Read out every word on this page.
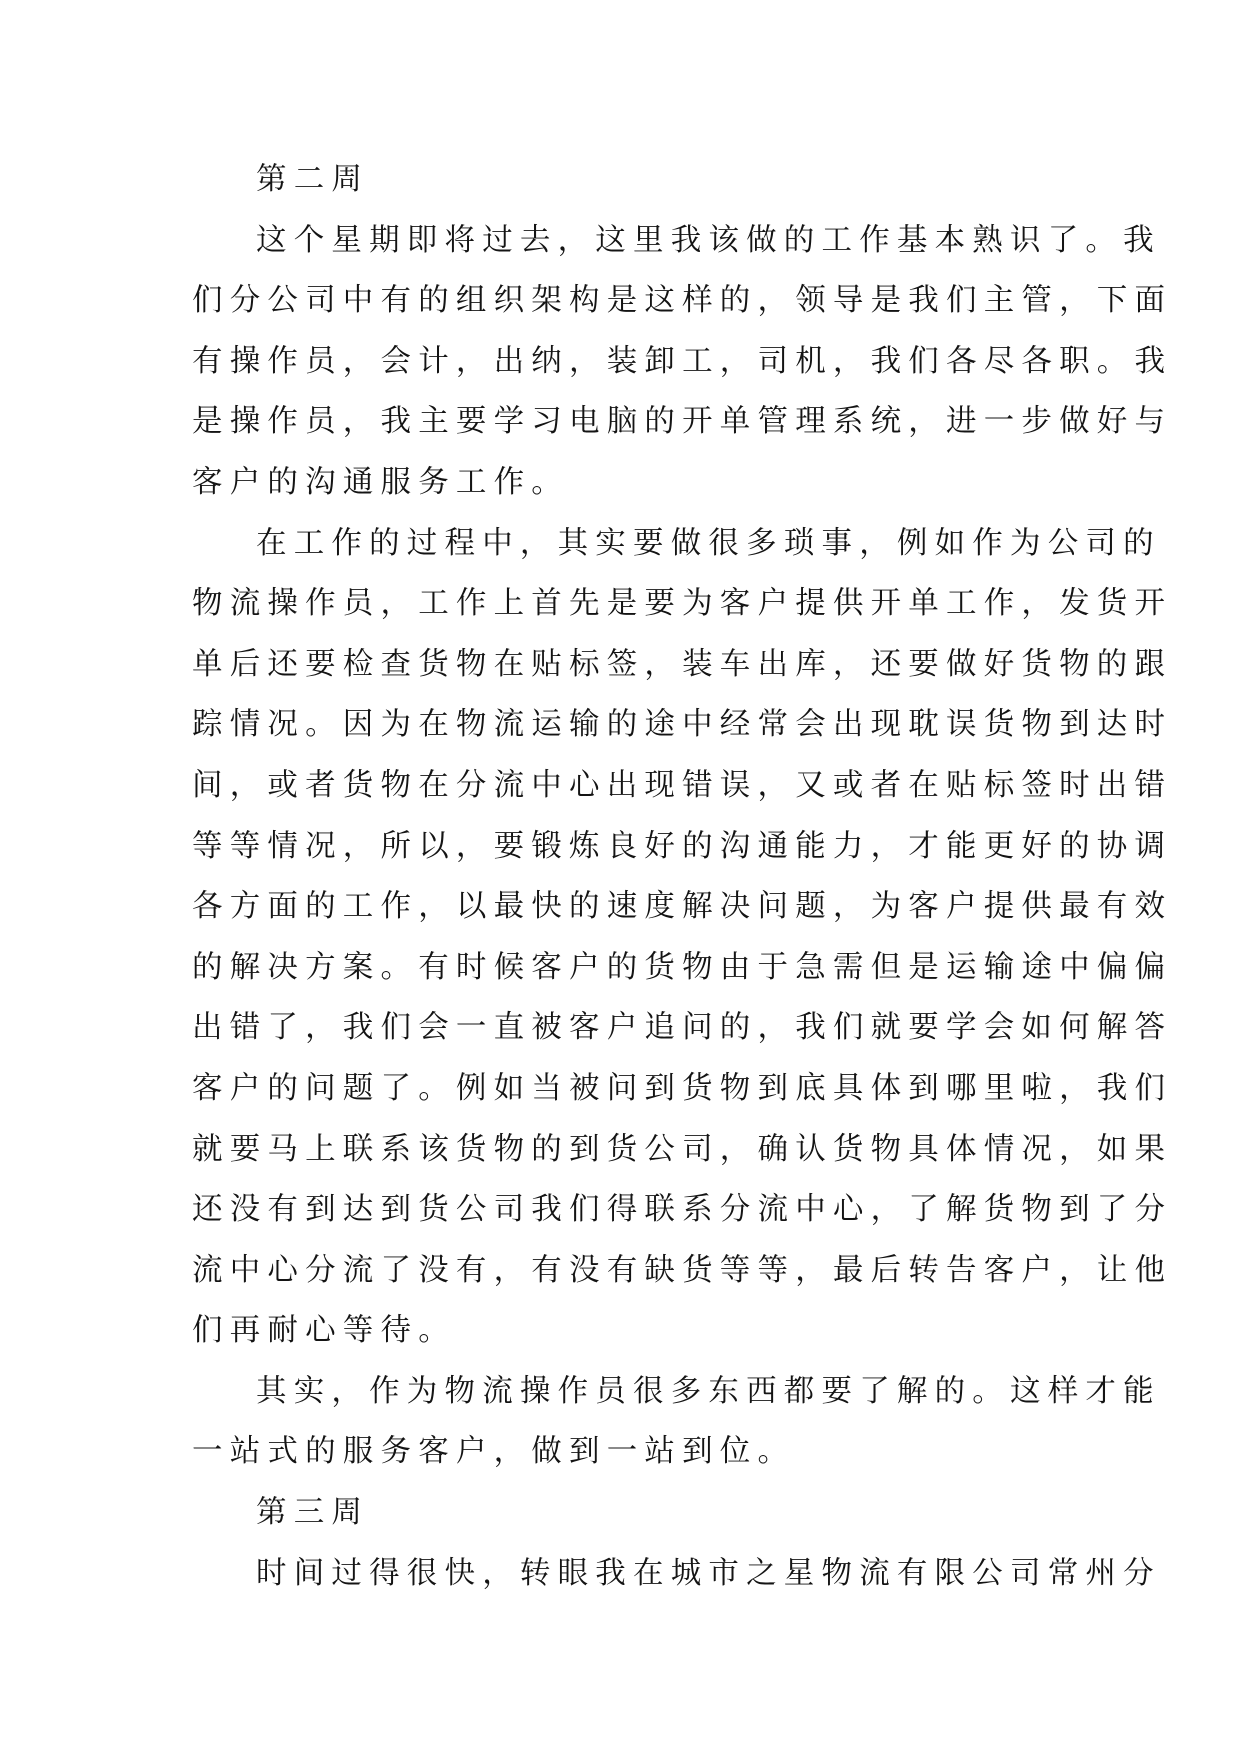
第二周

这个星期即将过去，这里我该做的工作基本熟识了。我
们分公司中有的组织架构是这样的，领导是我们主管，下面
有操作员，会计，出纳，装卸工，司机，我们各尽各职。我
是操作员，我主要学习电脑的开单管理系统，进一步做好与
客户的沟通服务工作。

在工作的过程中，其实要做很多琐事，例如作为公司的
物流操作员，工作上首先是要为客户提供开单工作，发货开
单后还要检查货物在贴标签，装车出库，还要做好货物的跟
踪情况。因为在物流运输的途中经常会出现耽误货物到达时
间，或者货物在分流中心出现错误，又或者在贴标签时出错
等等情况，所以，要锻炼良好的沟通能力，才能更好的协调
各方面的工作，以最快的速度解决问题，为客户提供最有效
的解决方案。有时候客户的货物由于急需但是运输途中偏偏
出错了，我们会一直被客户追问的，我们就要学会如何解答
客户的问题了。例如当被问到货物到底具体到哪里啦，我们
就要马上联系该货物的到货公司，确认货物具体情况，如果
还没有到达到货公司我们得联系分流中心，了解货物到了分
流中心分流了没有，有没有缺货等等，最后转告客户，让他
们再耐心等待。

其实，作为物流操作员很多东西都要了解的。这样才能
一站式的服务客户，做到一站到位。

第三周

时间过得很快，转眼我在城市之星物流有限公司常州分
